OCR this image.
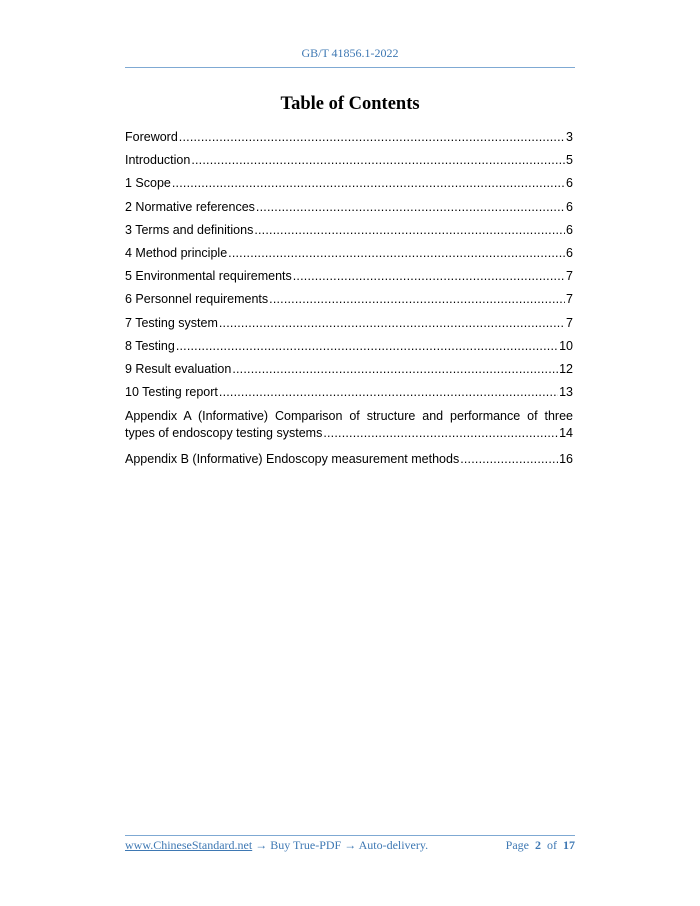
GB/T 41856.1-2022
Table of Contents
Foreword .....	3
Introduction .....	5
1 Scope .....	6
2 Normative references .....	6
3 Terms and definitions .....	6
4 Method principle .....	6
5 Environmental requirements .....	7
6 Personnel requirements .....	7
7 Testing system .....	7
8 Testing .....	10
9 Result evaluation .....	12
10 Testing report .....	13
Appendix A (Informative) Comparison of structure and performance of three
types of endoscopy testing systems .....	14
Appendix B (Informative) Endoscopy measurement methods .....	16
www.ChineseStandard.net → Buy True-PDF → Auto-delivery.	Page 2 of 17
